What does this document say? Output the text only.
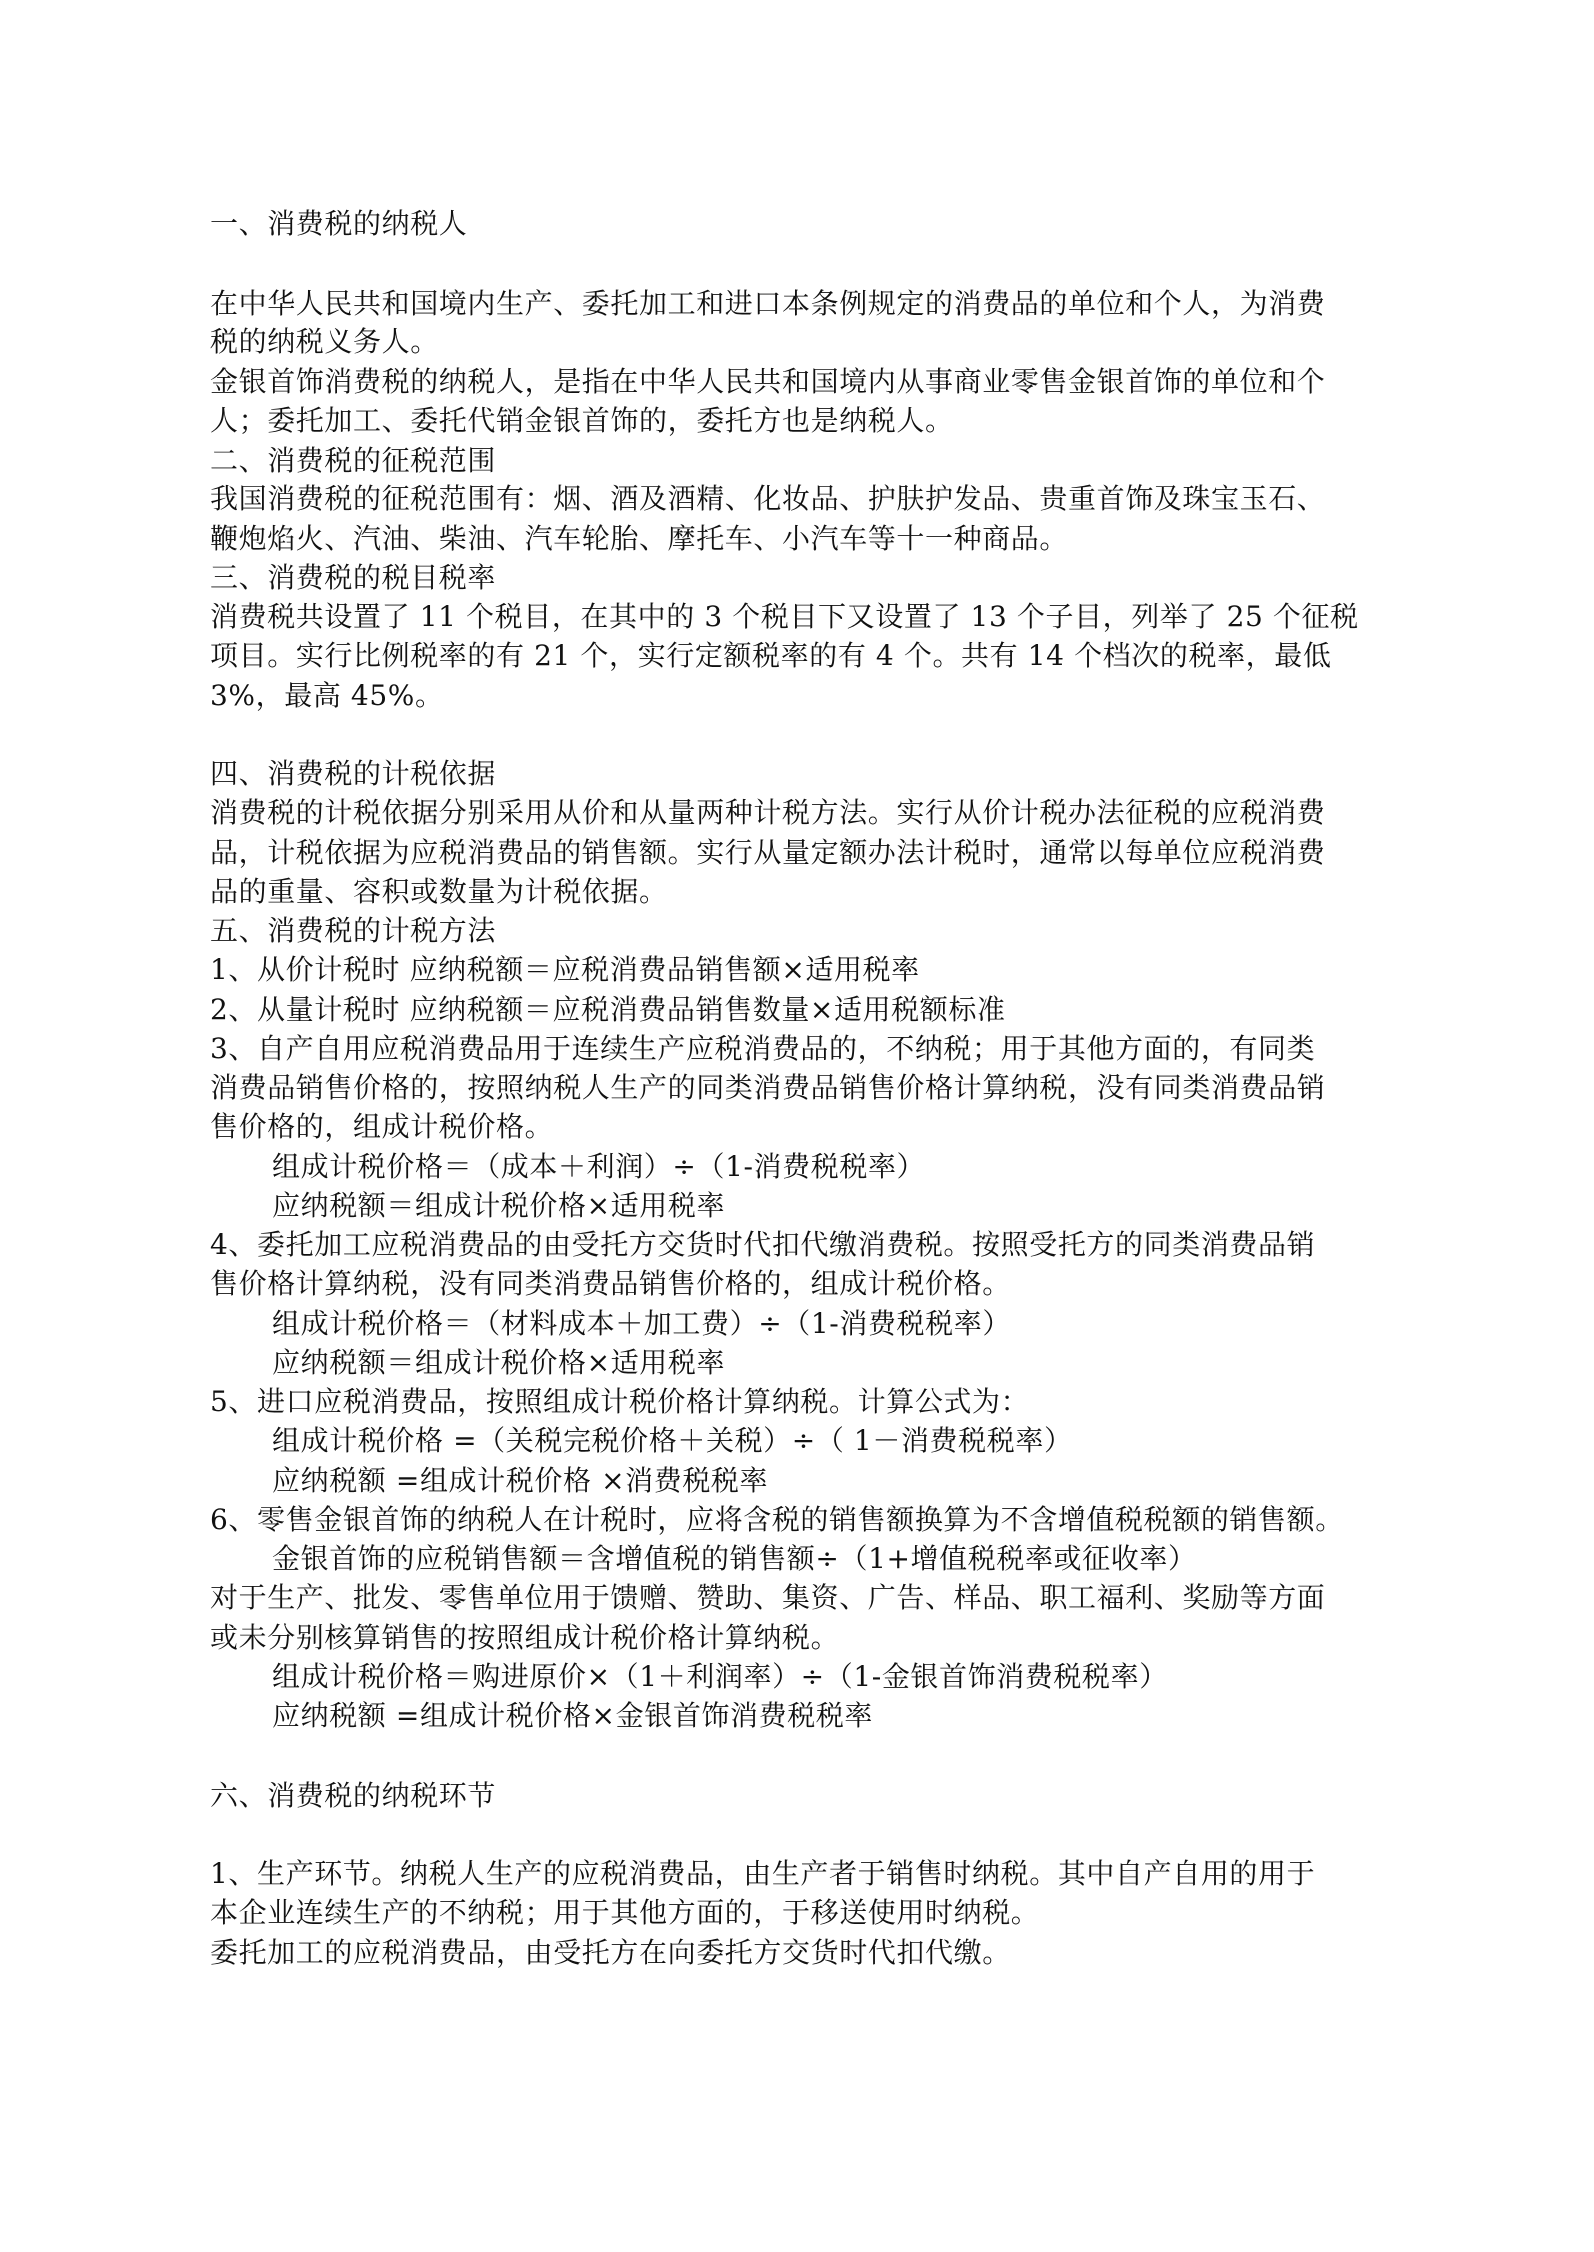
一、消费税的纳税人

在中华人民共和国境内生产、委托加工和进口本条例规定的消费品的单位和个人，为消费

税的纳税义务人。

金银首饰消费税的纳税人，是指在中华人民共和国境内从事商业零售金银首饰的单位和个

人；委托加工、委托代销金银首饰的，委托方也是纳税人。

二、消费税的征税范围

我国消费税的征税范围有：烟、酒及酒精、化妆品、护肤护发品、贵重首饰及珠宝玉石、

鞭炮焰火、汽油、柴油、汽车轮胎、摩托车、小汽车等十一种商品。

三、消费税的税目税率

消费税共设置了 11 个税目，在其中的 3 个税目下又设置了 13 个子目，列举了 25 个征税

项目。实行比例税率的有 21 个，实行定额税率的有 4 个。共有 14 个档次的税率，最低

3%，最高 45%。

四、消费税的计税依据

消费税的计税依据分别采用从价和从量两种计税方法。实行从价计税办法征税的应税消费

品，计税依据为应税消费品的销售额。实行从量定额办法计税时，通常以每单位应税消费

品的重量、容积或数量为计税依据。

五、消费税的计税方法

1、从价计税时 应纳税额＝应税消费品销售额×适用税率

2、从量计税时 应纳税额＝应税消费品销售数量×适用税额标准

3、自产自用应税消费品用于连续生产应税消费品的，不纳税；用于其他方面的，有同类

消费品销售价格的，按照纳税人生产的同类消费品销售价格计算纳税，没有同类消费品销

售价格的，组成计税价格。

组成计税价格＝（成本＋利润）÷（1-消费税税率）

应纳税额＝组成计税价格×适用税率

4、委托加工应税消费品的由受托方交货时代扣代缴消费税。按照受托方的同类消费品销

售价格计算纳税，没有同类消费品销售价格的，组成计税价格。

组成计税价格＝（材料成本＋加工费）÷（1-消费税税率）

应纳税额＝组成计税价格×适用税率

5、进口应税消费品，按照组成计税价格计算纳税。计算公式为：

组成计税价格 =（关税完税价格＋关税）÷（ 1－消费税税率）

应纳税额 =组成计税价格 ×消费税税率

6、零售金银首饰的纳税人在计税时，应将含税的销售额换算为不含增值税税额的销售额。

金银首饰的应税销售额＝含增值税的销售额÷（1+增值税税率或征收率）

对于生产、批发、零售单位用于馈赠、赞助、集资、广告、样品、职工福利、奖励等方面

或未分别核算销售的按照组成计税价格计算纳税。

组成计税价格＝购进原价×（1＋利润率）÷（1-金银首饰消费税税率）

应纳税额 =组成计税价格×金银首饰消费税税率

六、消费税的纳税环节

1、生产环节。纳税人生产的应税消费品，由生产者于销售时纳税。其中自产自用的用于

本企业连续生产的不纳税；用于其他方面的，于移送使用时纳税。

委托加工的应税消费品，由受托方在向委托方交货时代扣代缴。
